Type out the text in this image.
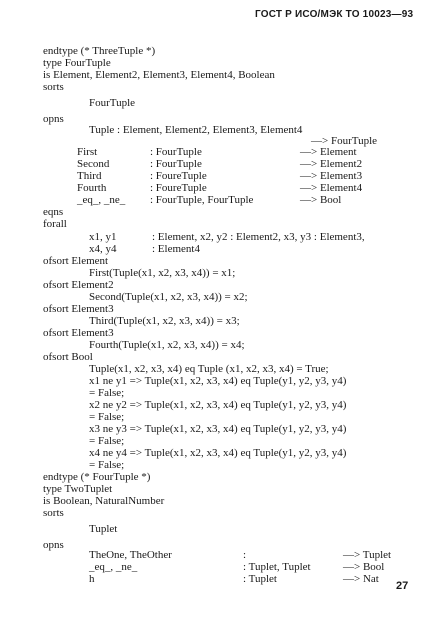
ГОСТ Р ИСО/МЭК ТО 10023—93
endtype (* ThreeTuple *)
type FourTuple
is Element, Element2, Element3, Element4, Boolean
sorts
FourTuple
opns
Tuple : Element, Element2, Element3, Element4
—> FourTuple
First	: FourTuple	—> Element
Second	: FourTuple	—> Element2
Third	: FoureTuple	—> Element3
Fourth	: FoureTuple	—> Element4
_eq_, _ne_ : FourTuple, FourTuple	—> Bool
eqns
forall
x1, y1	: Element, x2, y2 : Element2, x3, y3 : Element3,
x4, y4	: Element4
ofsort Element
First(Tuple(x1, x2, x3, x4)) = x1;
ofsort Element2
Second(Tuple(x1, x2, x3, x4)) = x2;
ofsort Element3
Third(Tuple(x1, x2, x3, x4)) = x3;
ofsort Element3
Fourth(Tuple(x1, x2, x3, x4)) = x4;
ofsort Bool
Tuple(x1, x2, x3, x4) eq Tuple (x1, x2, x3, x4) = True;
x1 ne y1 => Tuple(x1, x2, x3, x4) eq Tuple(y1, y2, y3, y4)
= False;
x2 ne y2 => Tuple(x1, x2, x3, x4) eq Tuple(y1, y2, y3, y4)
= False;
x3 ne y3 => Tuple(x1, x2, x3, x4) eq Tuple(y1, y2, y3, y4)
= False;
x4 ne y4 => Tuple(x1, x2, x3, x4) eq Tuple(y1, y2, y3, y4)
= False;
endtype (* FourTuple *)
type TwoTuplet
is Boolean, NaturalNumber
sorts
Tuplet
opns
TheOne, TheOther	:	—> Tuplet
_eq_, _ne_	: Tuplet, Tuplet	—> Bool
h	: Tuplet	—> Nat
27
